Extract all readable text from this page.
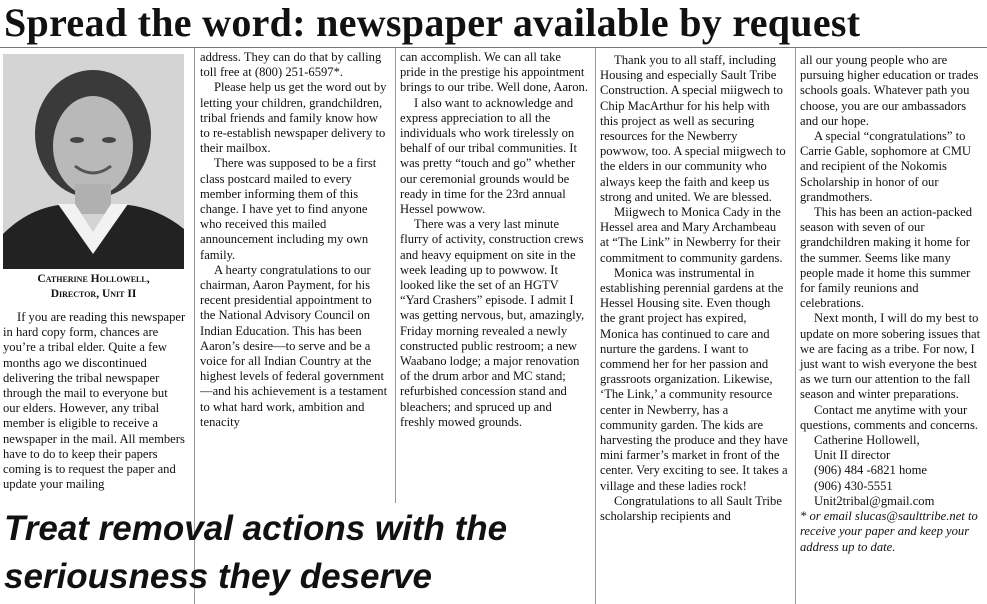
Spread the word: newspaper available by request
Catherine Hollowell,
Director, Unit II

If you are reading this newspaper in hard copy form, chances are you’re a tribal elder. Quite a few months ago we discontinued delivering the tribal newspaper through the mail to everyone but our elders. However, any tribal member is eligible to receive a newspaper in the mail. All members have to do to keep their papers coming is to request the paper and update your mailing

address. They can do that by calling toll free at (800) 251-6597*.

Please help us get the word out by letting your children, grandchildren, tribal friends and family know how to re-establish newspaper delivery to their mailbox.

There was supposed to be a first class postcard mailed to every member informing them of this change. I have yet to find anyone who received this mailed announcement including my own family.

A hearty congratulations to our chairman, Aaron Payment, for his recent presidential appointment to the National Advisory Council on Indian Education. This has been Aaron’s desire—to serve and be a voice for all Indian Country at the highest levels of federal government—and his achievement is a testament to what hard work, ambition and tenacity

can accomplish. We can all take pride in the prestige his appointment brings to our tribe. Well done, Aaron.

I also want to acknowledge and express appreciation to all the individuals who work tirelessly on behalf of our tribal communities. It was pretty “touch and go” whether our ceremonial grounds would be ready in time for the 23rd annual Hessel powwow.

There was a very last minute flurry of activity, construction crews and heavy equipment on site in the week leading up to powwow. It looked like the set of an HGTV “Yard Crashers” episode. I admit I was getting nervous, but, amazingly, Friday morning revealed a newly constructed public restroom; a new Waabano lodge; a major renovation of the drum arbor and MC stand; refurbished concession stand and bleachers; and spruced up and freshly mowed grounds.

Thank you to all staff, including Housing and especially Sault Tribe Construction. A special miigwech to Chip MacArthur for his help with this project as well as securing resources for the Newberry powwow, too. A special miigwech to the elders in our community who always keep the faith and keep us strong and united. We are blessed.

Miigwech to Monica Cady in the Hessel area and Mary Archambeau at “The Link” in Newberry for their commitment to community gardens.

Monica was instrumental in establishing perennial gardens at the Hessel Housing site. Even though the grant project has expired, Monica has continued to care and nurture the gardens. I want to commend her for her passion and grassroots organization. Likewise, ‘The Link,’ a community resource center in Newberry, has a community garden. The kids are harvesting the produce and they have mini farmer’s market in front of the center. Very exciting to see. It takes a village and these ladies rock!

Congratulations to all Sault Tribe scholarship recipients and

all our young people who are pursuing higher education or trades schools goals. Whatever path you choose, you are our ambassadors and our hope.

A special “congratulations” to Carrie Gable, sophomore at CMU and recipient of the Nokomis Scholarship in honor of our grandmothers.

This has been an action-packed season with seven of our grandchildren making it home for the summer. Seems like many people made it home this summer for family reunions and celebrations.

Next month, I will do my best to update on more sobering issues that we are facing as a tribe. For now, I just want to wish everyone the best as we turn our attention to the fall season and winter preparations.

Contact me anytime with your questions, comments and concerns.

Catherine Hollowell,

Unit II director

(906) 484 -6821 home

(906) 430-5551

Unit2tribal@gmail.com

* or email slucas@saulttribe.net to receive your paper and keep your address up to date.

Treat removal actions with the seriousness they deserve
